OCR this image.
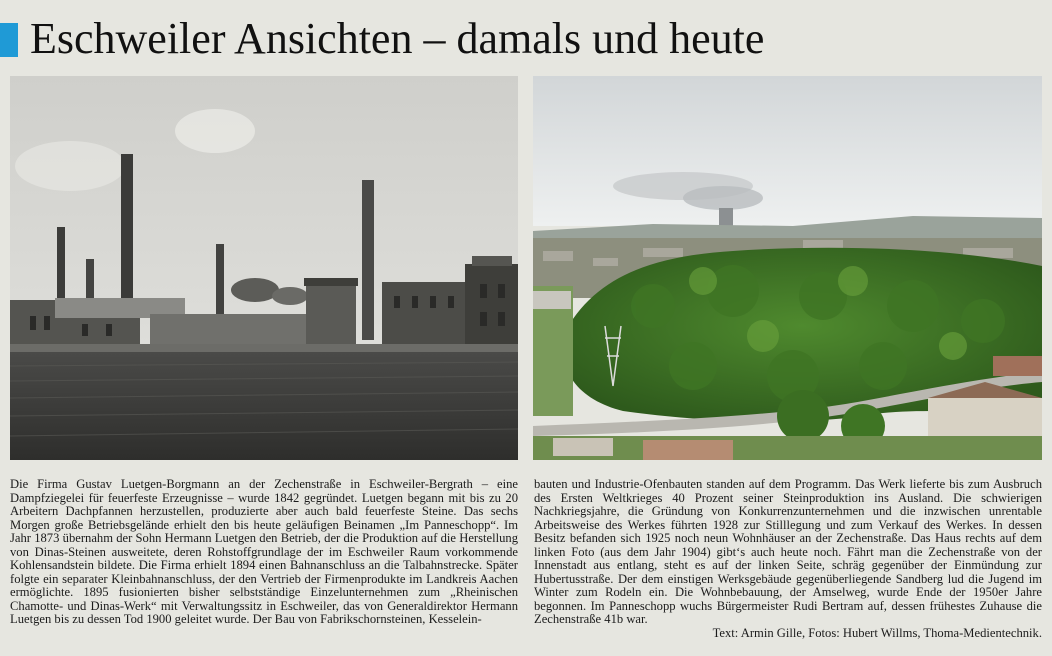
Eschweiler Ansichten – damals und heute

Die Firma Gustav Luetgen-Borgmann an der Zechenstraße in Eschweiler-Bergrath – eine Dampfziegelei für feuerfeste Erzeugnisse – wurde 1842 gegründet. Luetgen begann mit bis zu 20 Arbeitern Dachpfannen herzustellen, produzierte aber auch bald feuerfeste Steine. Das sechs Morgen große Betriebsgelände erhielt den bis heute geläufigen Beinamen „Im Panneschopp“. Im Jahr 1873 übernahm der Sohn Hermann Luetgen den Betrieb, der die Produktion auf die Herstellung von Dinas-Steinen ausweitete, deren Rohstoffgrundlage der im Eschweiler Raum vorkommende Kohlensandstein bildete. Die Firma erhielt 1894 einen Bahnanschluss an die Talbahnstrecke. Später folgte ein separater Kleinbahnanschluss, der den Vertrieb der Firmenprodukte im Landkreis Aachen ermöglichte. 1895 fusionierten bisher selbstständige Einzelunternehmen zum „Rheinischen Chamotte- und Dinas-Werk“ mit Verwaltungssitz in Eschweiler, das von Generaldirektor Hermann Luetgen bis zu dessen Tod 1900 geleitet wurde. Der Bau von Fabrikschornsteinen, Kesselein-

bauten und Industrie-Ofenbauten standen auf dem Programm. Das Werk lieferte bis zum Ausbruch des Ersten Weltkrieges 40 Prozent seiner Steinproduktion ins Ausland. Die schwierigen Nachkriegsjahre, die Gründung von Konkurrenzunternehmen und die inzwischen unrentable Arbeitsweise des Werkes führten 1928 zur Stilllegung und zum Verkauf des Werkes. In dessen Besitz befanden sich 1925 noch neun Wohnhäuser an der Zechenstraße. Das Haus rechts auf dem linken Foto (aus dem Jahr 1904) gibt‘s auch heute noch. Fährt man die Zechenstraße von der Innenstadt aus entlang, steht es auf der linken Seite, schräg gegenüber der Einmündung zur Hubertusstraße. Der dem einstigen Werksgebäude gegenüberliegende Sandberg lud die Jugend im Winter zum Rodeln ein. Die Wohnbebauung, der Amselweg, wurde Ende der 1950er Jahre begonnen. Im Panneschopp wuchs Bürgermeister Rudi Bertram auf, dessen frühestes Zuhause die Zechenstraße 41b war.

Text: Armin Gille, Fotos: Hubert Willms, Thoma-Medientechnik.
